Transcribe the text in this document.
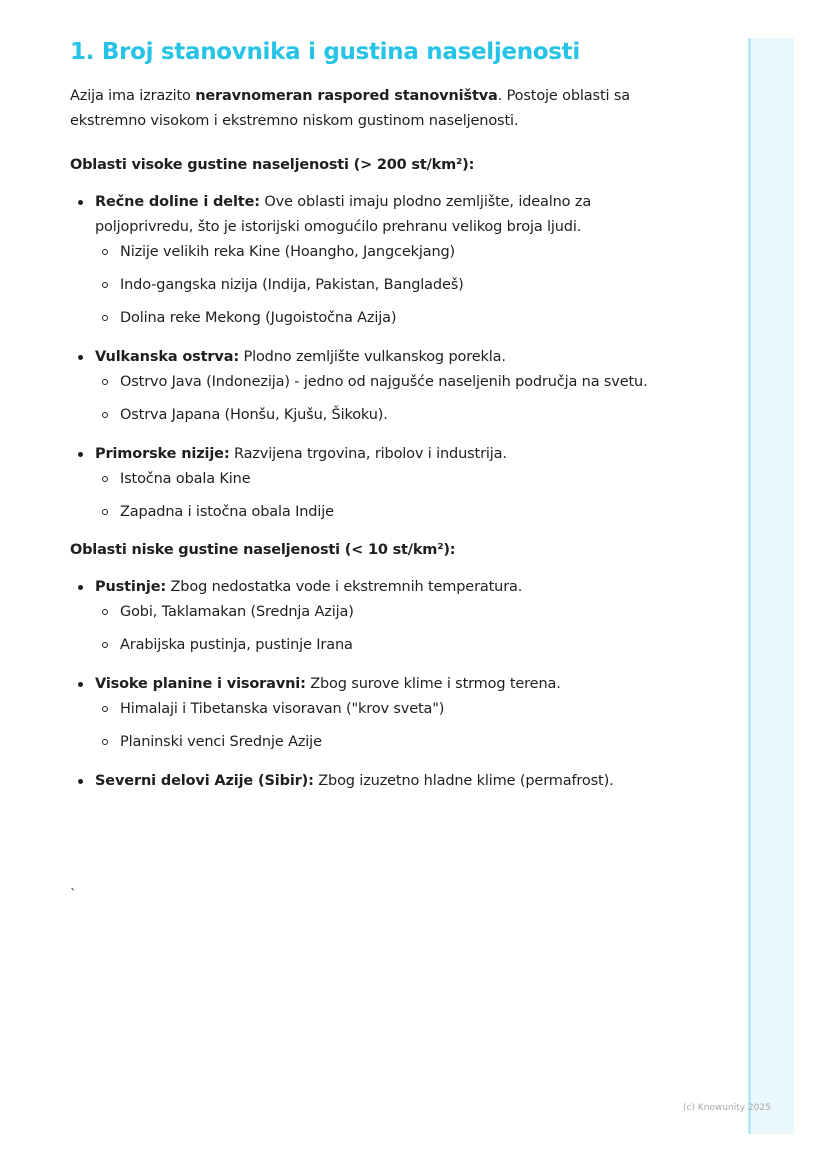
1. Broj stanovnika i gustina naseljenosti

Azija ima izrazito neravnomeran raspored stanovništva. Postoje oblasti sa ekstremno visokom i ekstremno niskom gustinom naseljenosti.

Oblasti visoke gustine naseljenosti (> 200 st/km²):

Rečne doline i delte: Ove oblasti imaju plodno zemljište, idealno za poljoprivredu, što je istorijski omogućilo prehranu velikog broja ljudi.
Nizije velikih reka Kine (Hoangho, Jangcekjang)
Indo-gangska nizija (Indija, Pakistan, Bangladeš)
Dolina reke Mekong (Jugoistočna Azija)
Vulkanska ostrva: Plodno zemljište vulkanskog porekla.
Ostrvo Java (Indonezija) - jedno od najgušće naseljenih područja na svetu.
Ostrva Japana (Honšu, Kjušu, Šikoku).
Primorske nizije: Razvijena trgovina, ribolov i industrija.
Istočna obala Kine
Zapadna i istočna obala Indije

Oblasti niske gustine naseljenosti (< 10 st/km²):

Pustinje: Zbog nedostatka vode i ekstremnih temperatura.
Gobi, Taklamakan (Srednja Azija)
Arabijska pustinja, pustinje Irana
Visoke planine i visoravni: Zbog surove klime i strmog terena.
Himalaji i Tibetanska visoravan ("krov sveta")
Planinski venci Srednje Azije
Severni delovi Azije (Sibir): Zbog izuzetno hladne klime (permafrost).
`
(c) Knowunity 2025
